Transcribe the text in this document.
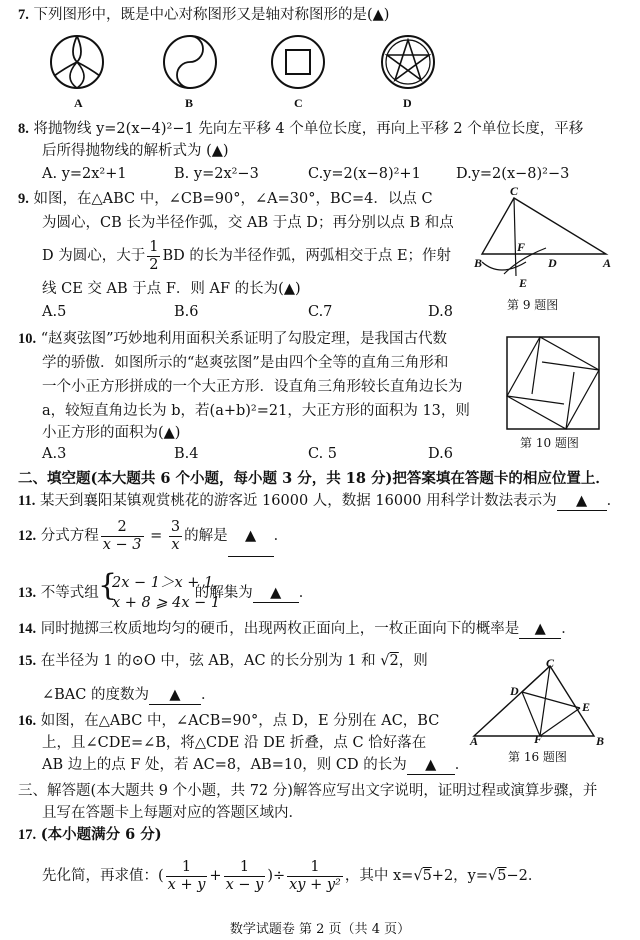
7. 下列图形中，既是中心对称图形又是轴对称图形的是(▲)
A	B	C	D
8. 将抛物线 y=2(x−4)²−1 先向左平移 4 个单位长度，再向上平移 2 个单位长度，平移
后所得抛物线的解析式为 (▲)
A. y=2x²+1	B. y=2x²−3	C.y=2(x−8)²+1 D.y=2(x−8)²−3
9. 如图，在△ABC 中，∠CB=90°，∠A=30°，BC=4．以点 C
为圆心，CB 长为半径作弧，交 AB 于点 D；再分别以点 B 和点
D 为圆心，大于 $\frac{1}{2}$ BD 的长为半径作弧，两弧相交于点 E；作射
线 CE 交 AB 于点 F．则 AF 的长为(▲)
A.5	B.6	C.7	D.8
C
F
B	D	A
E
第 9 题图
10. “赵爽弦图”巧妙地利用面积关系证明了勾股定理，是我国古代数
学的骄傲．如图所示的“赵爽弦图”是由四个全等的直角三角形和
一个小正方形拼成的一个大正方形．设直角三角形较长直角边长为
a，较短直角边长为 b，若(a+b)²=21，大正方形的面积为 13，则
小正方形的面积为(▲)
A.3	B.4	C. 5	D.6
第 10 题图
二、填空题(本大题共 6 个小题，每小题 3 分，共 18 分)把答案填在答题卡的相应位置上．
11. 某天到襄阳某镇观赏桃花的游客近 16000 人，数据 16000 用科学计数法表示为 ▲ ．
12. 分式方程 $\frac{2}{x - 3} = \frac{3}{x}$ 的解是 ▲ ．
13. 不等式组	的解集为 ▲ ．
{
2x − 1＞x + 1,
x + 8 ⩾ 4x − 1
14. 同时抛掷三枚质地均匀的硬币，出现两枚正面向上，一枚正面向下的概率是 ▲ ．
15. 在半径为 1 的⊙O 中，弦 AB，AC 的长分别为 1 和 √2，则
∠BAC 的度数为 ▲ ．
16. 如图，在△ABC 中，∠ACB=90°，点 D，E 分别在 AC，BC
上，且∠CDE=∠B，将△CDE 沿 DE 折叠，点 C 恰好落在
AB 边上的点 F 处，若 AC=8，AB=10，则 CD 的长为 ▲ ．
C
D
E
A	F	B
第 16 题图
三、解答题(本大题共 9 个小题，共 72 分)解答应写出文字说明，证明过程或演算步骤，并
且写在答题卡上每题对应的答题区域内．
17. (本小题满分 6 分)
先化简，再求值：( $\frac{1}{x + y} + \frac{1}{x - y}$ )÷ $\frac{1}{\text{xy + y²}}$ ，其中 x=√5+2，y=√5−2．
数学试题卷 第 2 页（共 4 页）
